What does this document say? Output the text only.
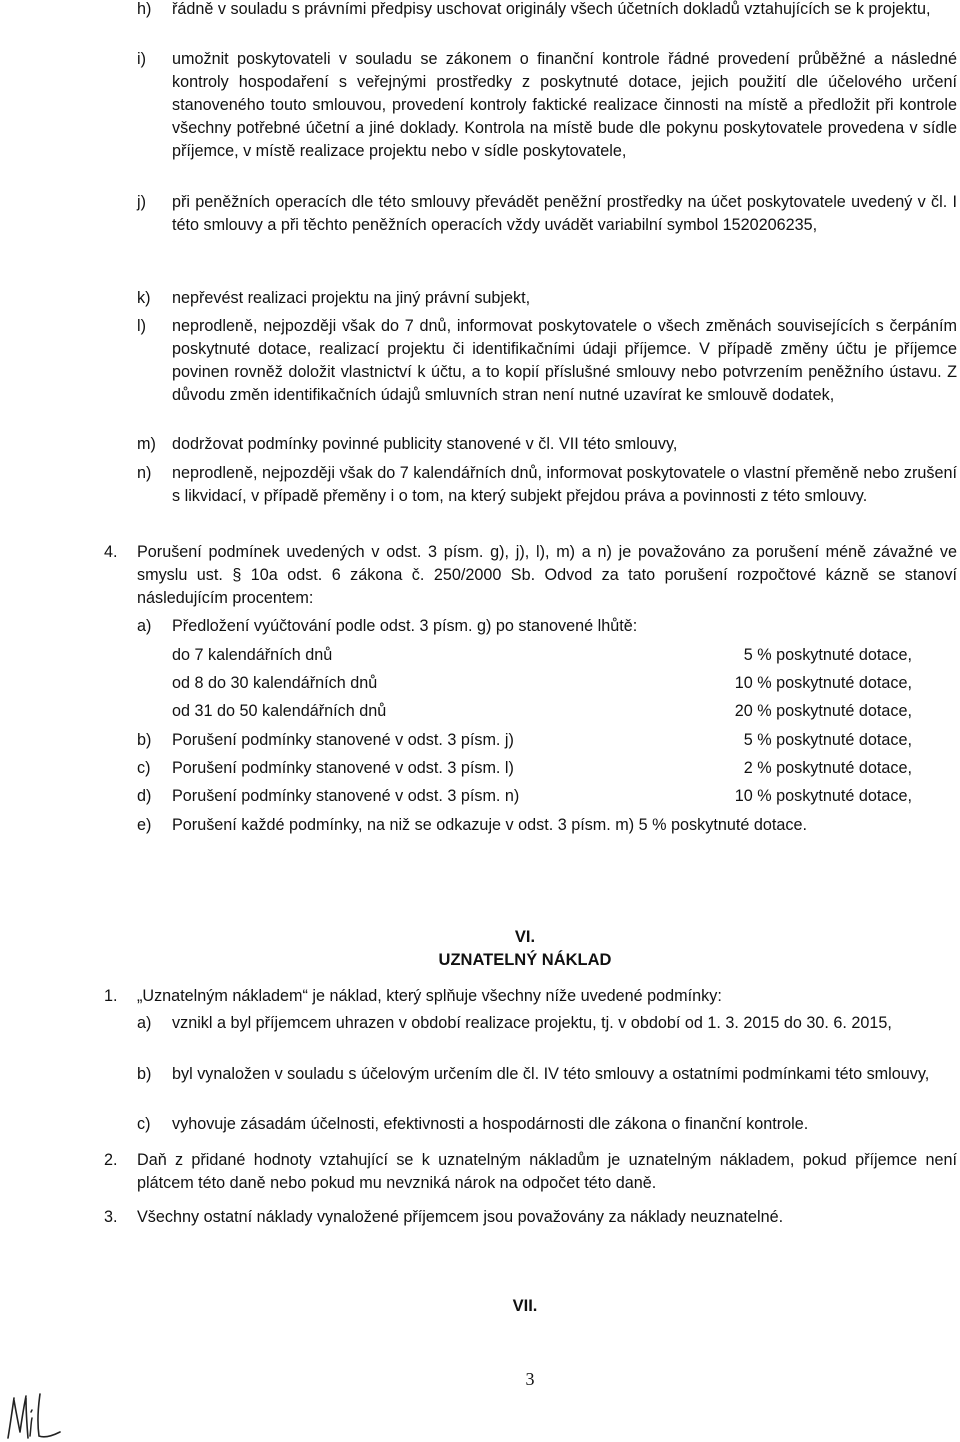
h) řádně v souladu s právními předpisy uschovat originály všech účetních dokladů vztahujících se k projektu,
i) umožnit poskytovateli v souladu se zákonem o finanční kontrole řádné provedení průběžné a následné kontroly hospodaření s veřejnými prostředky z poskytnuté dotace, jejich použití dle účelového určení stanoveného touto smlouvou, provedení kontroly faktické realizace činnosti na místě a předložit při kontrole všechny potřebné účetní a jiné doklady. Kontrola na místě bude dle pokynu poskytovatele provedena v sídle příjemce, v místě realizace projektu nebo v sídle poskytovatele,
j) při peněžních operacích dle této smlouvy převádět peněžní prostředky na účet poskytovatele uvedený v čl. I této smlouvy a při těchto peněžních operacích vždy uvádět variabilní symbol 1520206235,
k) nepřevést realizaci projektu na jiný právní subjekt,
l) neprodleně, nejpozději však do 7 dnů, informovat poskytovatele o všech změnách souvisejících s čerpáním poskytnuté dotace, realizací projektu či identifikačními údaji příjemce. V případě změny účtu je příjemce povinen rovněž doložit vlastnictví k účtu, a to kopií příslušné smlouvy nebo potvrzením peněžního ústavu. Z důvodu změn identifikačních údajů smluvních stran není nutné uzavírat ke smlouvě dodatek,
m) dodržovat podmínky povinné publicity stanovené v čl. VII této smlouvy,
n) neprodleně, nejpozději však do 7 kalendářních dnů, informovat poskytovatele o vlastní přeměně nebo zrušení s likvidací, v případě přeměny i o tom, na který subjekt přejdou práva a povinnosti z této smlouvy.
4. Porušení podmínek uvedených v odst. 3 písm. g), j), l), m) a n) je považováno za porušení méně závažné ve smyslu ust. § 10a odst. 6 zákona č. 250/2000 Sb. Odvod za tato porušení rozpočtové kázně se stanoví následujícím procentem:
a) Předložení vyúčtování podle odst. 3 písm. g) po stanovené lhůtě:
do 7 kalendářních dnů	5 % poskytnuté dotace,
od 8 do 30 kalendářních dnů	10 % poskytnuté dotace,
od 31 do 50 kalendářních dnů	20 % poskytnuté dotace,
b) Porušení podmínky stanovené v odst. 3 písm. j)	5 % poskytnuté dotace,
c) Porušení podmínky stanovené v odst. 3 písm. l)	2 % poskytnuté dotace,
d) Porušení podmínky stanovené v odst. 3 písm. n)	10 % poskytnuté dotace,
e) Porušení každé podmínky, na niž se odkazuje v odst. 3 písm. m) 5 % poskytnuté dotace.
VI.
UZNATELNÝ NÁKLAD
1. „Uznatelným nákladem“ je náklad, který splňuje všechny níže uvedené podmínky:
a) vznikl a byl příjemcem uhrazen v období realizace projektu, tj. v období od 1. 3. 2015 do 30. 6. 2015,
b) byl vynaložen v souladu s účelovým určením dle čl. IV této smlouvy a ostatními podmínkami této smlouvy,
c) vyhovuje zásadám účelnosti, efektivnosti a hospodárnosti dle zákona o finanční kontrole.
2. Daň z přidané hodnoty vztahující se k uznatelným nákladům je uznatelným nákladem, pokud příjemce není plátcem této daně nebo pokud mu nevzniká nárok na odpočet této daně.
3. Všechny ostatní náklady vynaložené příjemcem jsou považovány za náklady neuznatelné.
VII.
3
